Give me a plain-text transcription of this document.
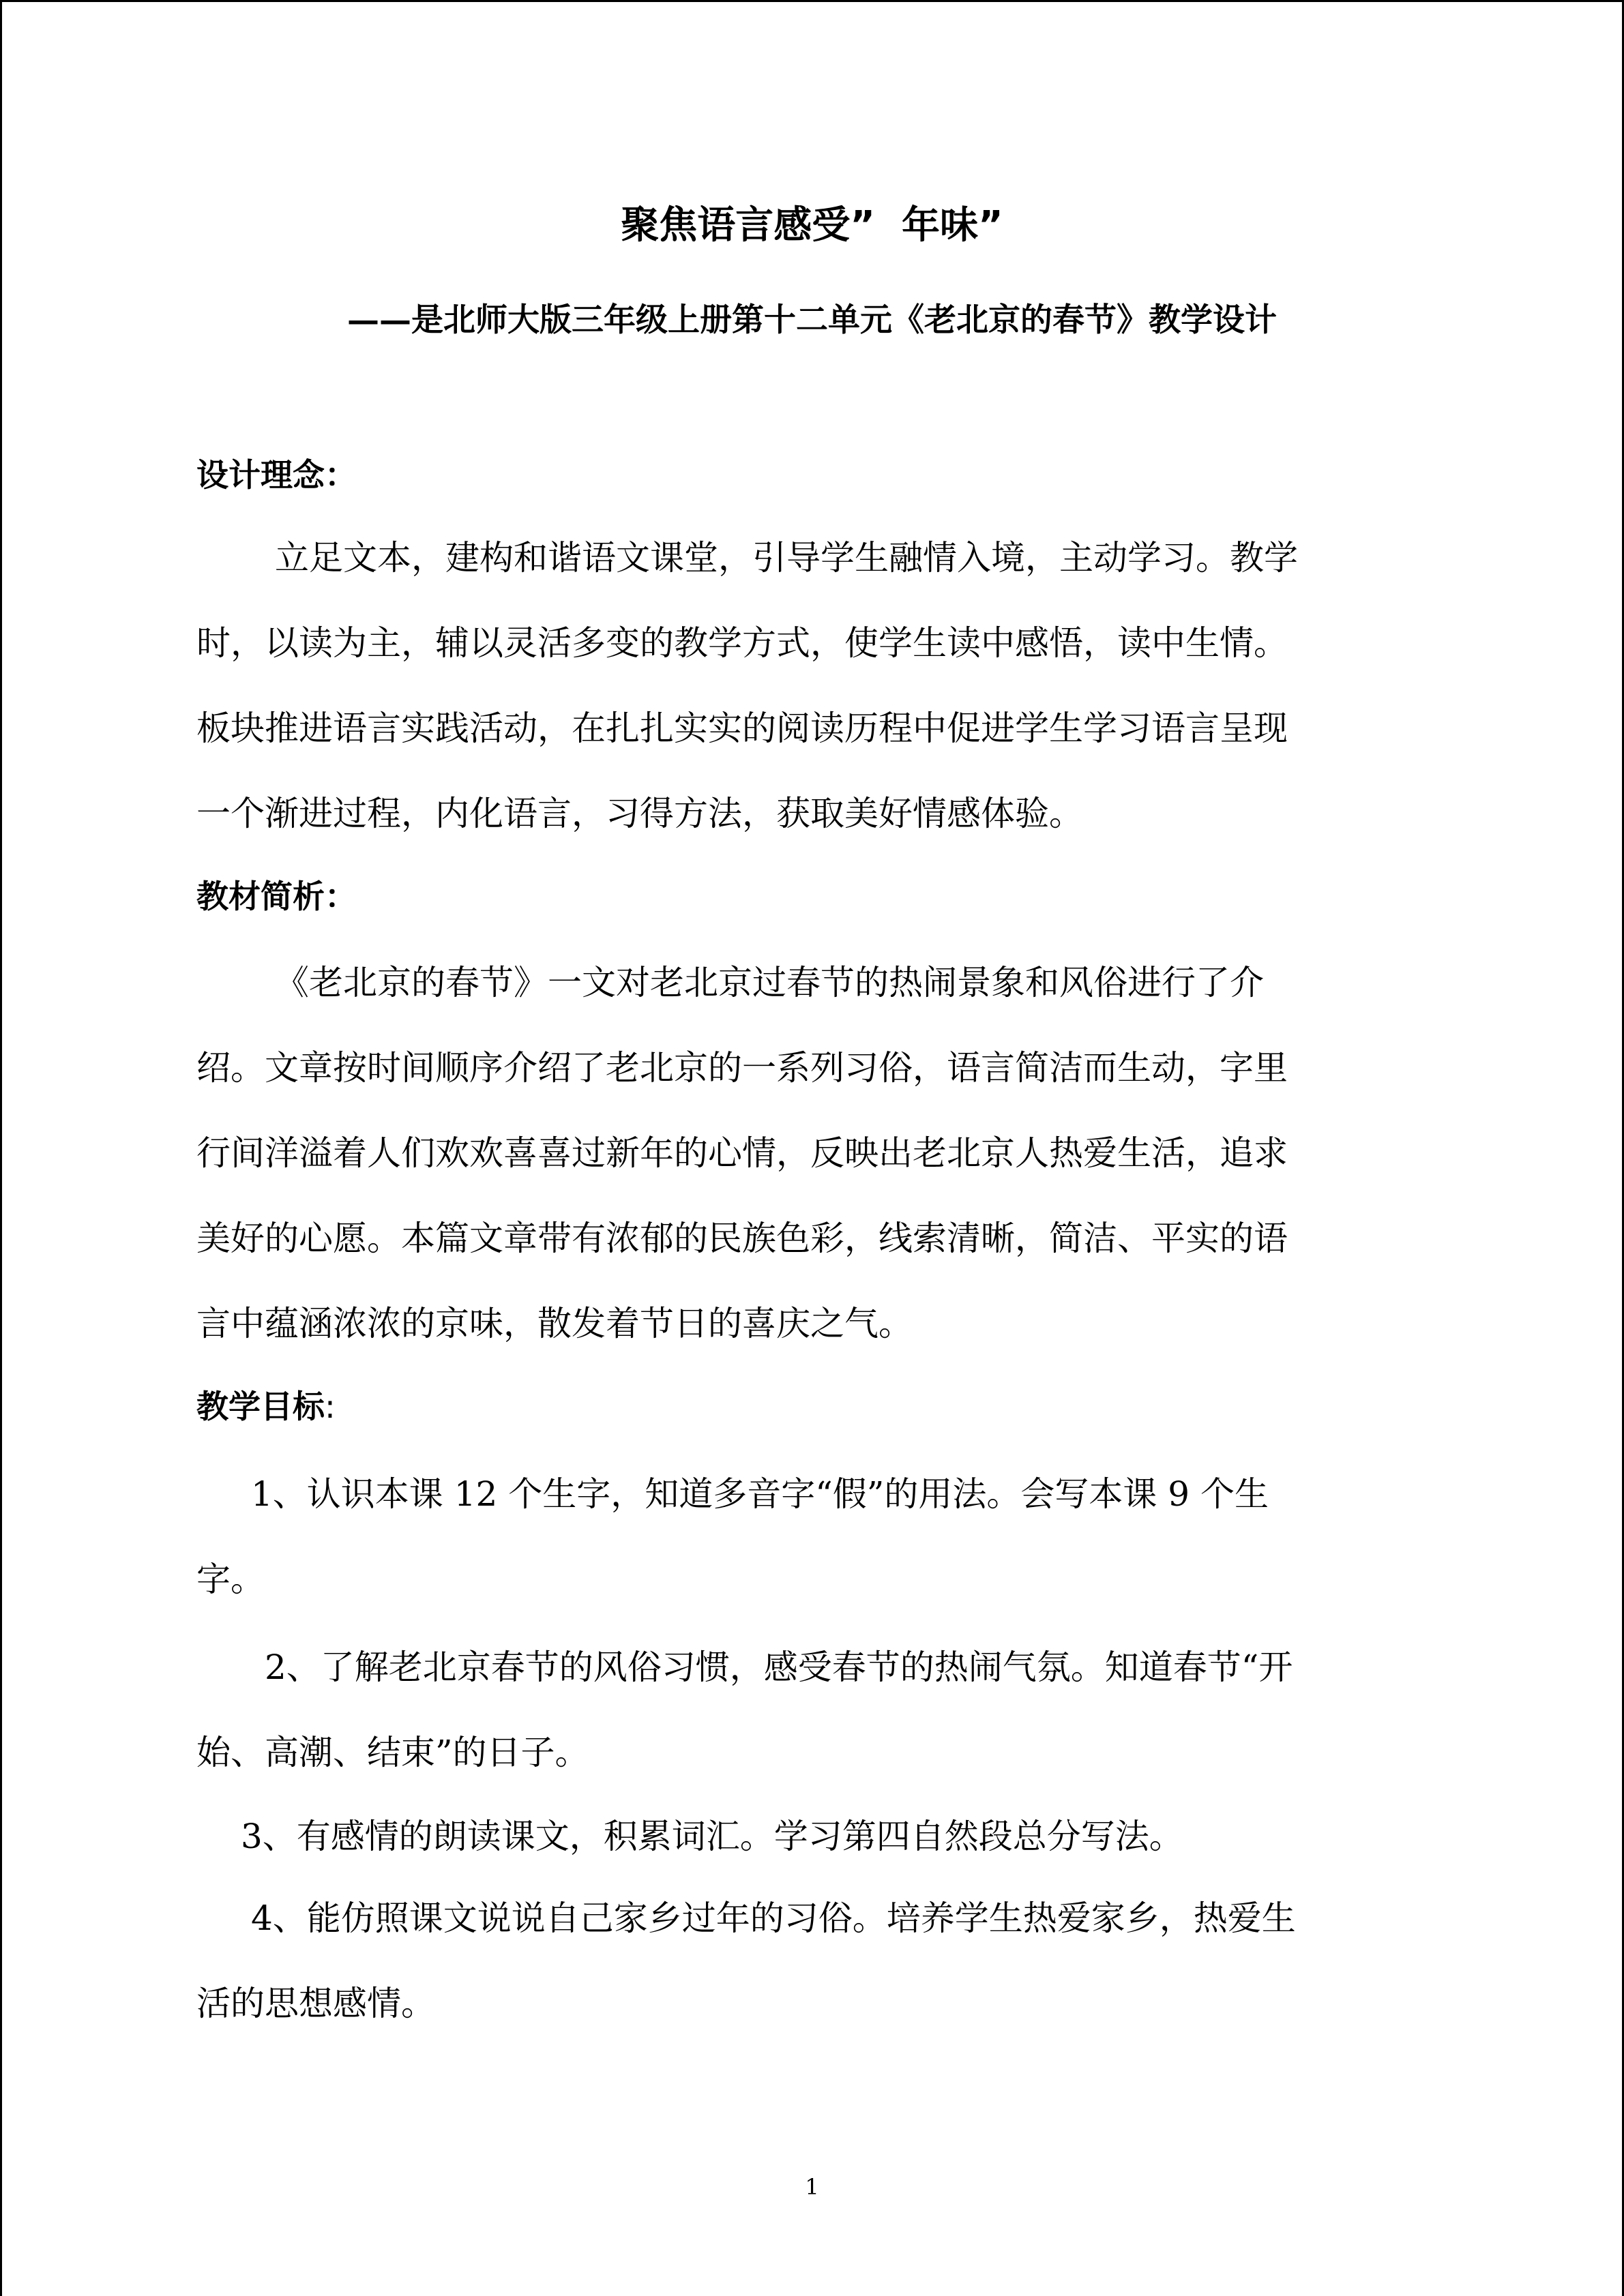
聚焦语言感受”  年味”
——是北师大版三年级上册第十二单元《老北京的春节》教学设计
设计理念：
立足文本，建构和谐语文课堂，引导学生融情入境，主动学习。教学
时，以读为主，辅以灵活多变的教学方式，使学生读中感悟，读中生情。
板块推进语言实践活动，在扎扎实实的阅读历程中促进学生学习语言呈现
一个渐进过程，内化语言，习得方法，获取美好情感体验。
教材简析：
《老北京的春节》一文对老北京过春节的热闹景象和风俗进行了介
绍。文章按时间顺序介绍了老北京的一系列习俗，语言简洁而生动，字里
行间洋溢着人们欢欢喜喜过新年的心情，反映出老北京人热爱生活，追求
美好的心愿。本篇文章带有浓郁的民族色彩，线索清晰，简洁、平实的语
言中蕴涵浓浓的京味，散发着节日的喜庆之气。
教学目标:
1、认识本课 12 个生字，知道多音字“假”的用法。会写本课 9 个生
字。
2、了解老北京春节的风俗习惯，感受春节的热闹气氛。知道春节“开
始、高潮、结束”的日子。
3、有感情的朗读课文，积累词汇。学习第四自然段总分写法。
4、能仿照课文说说自己家乡过年的习俗。培养学生热爱家乡，热爱生
活的思想感情。
1
